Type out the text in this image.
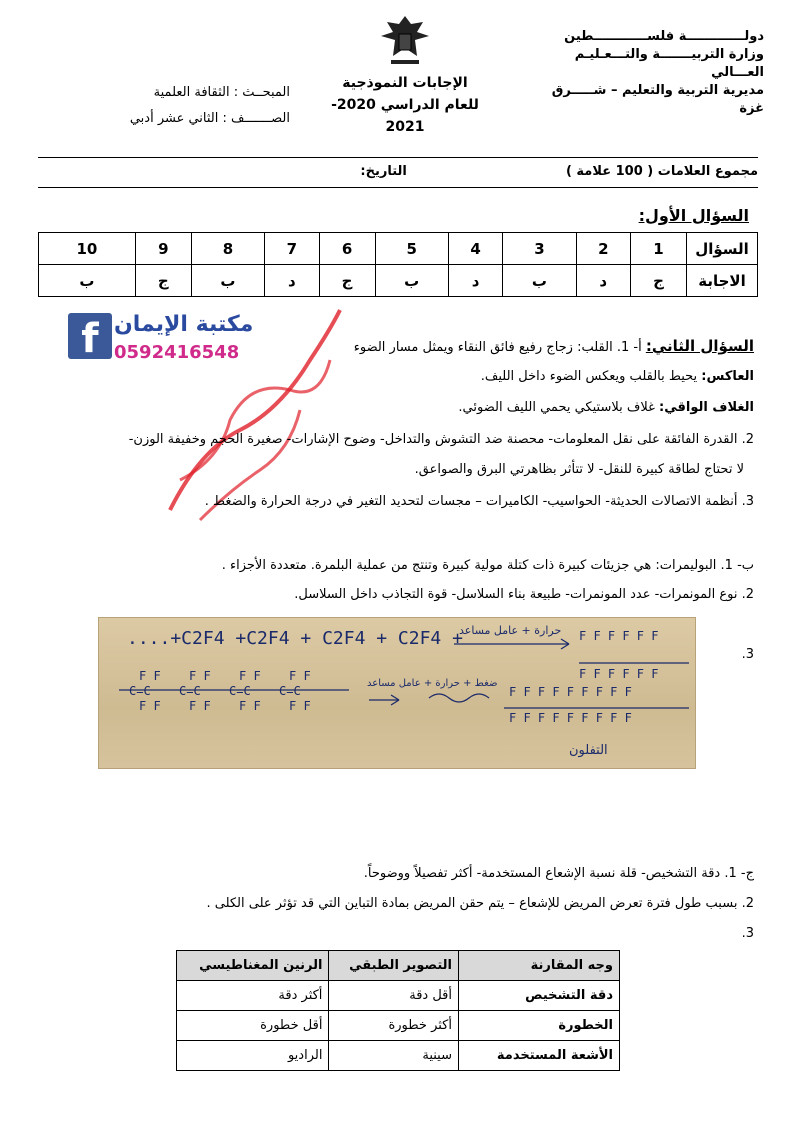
دولـــــــــــــة فلســــــــــــطين
وزارة التربيـــــــة والتـــعـليـم العـــالي
مديرية التربية والتعليم – شـــــرق غزة
الإجابات النموذجية
للعام الدراسي 2020-2021
المبحــث : الثقافة العلمية
الصـــــــف : الثاني عشر أدبي
مجموع العلامات ( 100 علامة )  التاريخ:
السؤال الأول:
السؤال	1	2	3	4	5	6	7	8	9	10
الاجابة	ج	د	ب	د	ب	ج	د	ب	ج	ب
f مكتبة الإيمان
0592416548	السؤال الثاني: أ- 1. القلب: زجاج رفيع فائق النقاء ويمثل مسار الضوء
العاكس: يحيط بالقلب ويعكس الضوء داخل الليف.
الغلاف الواقي: غلاف بلاستيكي يحمي الليف الضوئي.
2. القدرة الفائقة على نقل المعلومات- محصنة ضد التشوش والتداخل- وضوح الإشارات- صغيرة الحجم وخفيفة الوزن-
لا تحتاج لطاقة كبيرة للنقل- لا تتأثر بظاهرتي البرق والصواعق.
3. أنظمة الاتصالات الحديثة- الحواسيب- الكاميرات – مجسات لتحديد التغير في درجة الحرارة والضغط .
ب- 1. البوليمرات: هي جزيئات كبيرة ذات كتلة مولية كبيرة وتنتج من عملية البلمرة. متعددة الأجزاء .
2. نوع المونمرات- عدد المونمرات- طبيعة بناء السلاسل- قوة التجاذب داخل السلاسل.
3.
....+C2F4 +C2F4 + C2F4 + C2F4 +
حرارة + عامل مساعد
ضغط + حرارة + عامل مساعد
F F F F F F F F
F F F F F F F F
C=C C=C C=C C=C	F F F F F F F F F
F F F F F F F F F
F F F F F F
F F F F F F
التفلون
ج- 1. دقة التشخيص- قلة نسبة الإشعاع المستخدمة- أكثر تفصيلاً ووضوحاً.
2. بسبب طول فترة تعرض المريض للإشعاع – يتم حقن المريض بمادة التباين التي قد تؤثر على الكلى .
3.
وجه المقارنة	التصوير الطبقي	الرنين المغناطيسي
دقة التشخيص	أقل دقة	أكثر دقة
الخطورة	أكثر خطورة	أقل خطورة
الأشعة المستخدمة	سينية	الراديو
